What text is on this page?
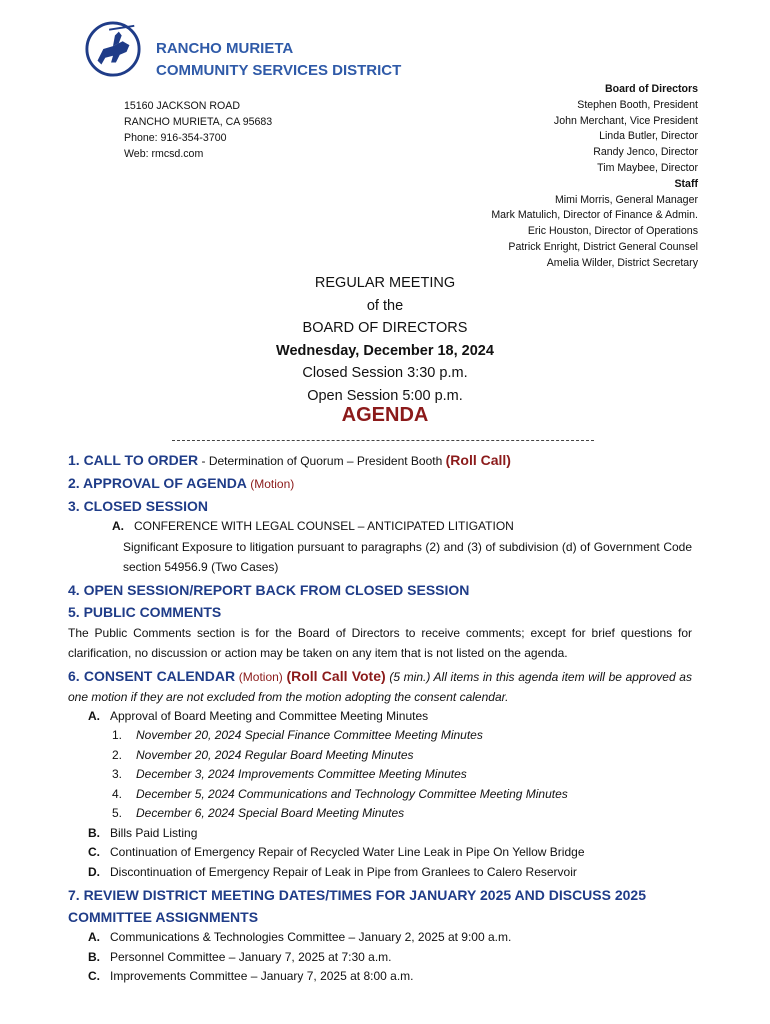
RANCHO MURIETA
COMMUNITY SERVICES DISTRICT
15160 JACKSON ROAD
RANCHO MURIETA, CA 95683
Phone: 916-354-3700
Web: rmcsd.com
Board of Directors
Stephen Booth, President
John Merchant, Vice President
Linda Butler, Director
Randy Jenco, Director
Tim Maybee, Director
Staff
Mimi Morris, General Manager
Mark Matulich, Director of Finance & Admin.
Eric Houston, Director of Operations
Patrick Enright, District General Counsel
Amelia Wilder, District Secretary
REGULAR MEETING
of the
BOARD OF DIRECTORS
Wednesday, December 18, 2024
Closed Session 3:30 p.m.
Open Session 5:00 p.m.
AGENDA
1. CALL TO ORDER - Determination of Quorum – President Booth (Roll Call)
2. APPROVAL OF AGENDA (Motion)
3. CLOSED SESSION
A. CONFERENCE WITH LEGAL COUNSEL – ANTICIPATED LITIGATION
Significant Exposure to litigation pursuant to paragraphs (2) and (3) of subdivision (d) of Government Code section 54956.9 (Two Cases)
4. OPEN SESSION/REPORT BACK FROM CLOSED SESSION
5. PUBLIC COMMENTS
The Public Comments section is for the Board of Directors to receive comments; except for brief questions for clarification, no discussion or action may be taken on any item that is not listed on the agenda.
6. CONSENT CALENDAR (Motion) (Roll Call Vote) (5 min.) All items in this agenda item will be approved as one motion if they are not excluded from the motion adopting the consent calendar.
A. Approval of Board Meeting and Committee Meeting Minutes
1.	November 20, 2024 Special Finance Committee Meeting Minutes
2.	November 20, 2024 Regular Board Meeting Minutes
3.	December 3, 2024 Improvements Committee Meeting Minutes
4.	December 5, 2024 Communications and Technology Committee Meeting Minutes
5.	December 6, 2024 Special Board Meeting Minutes
B. Bills Paid Listing
C. Continuation of Emergency Repair of Recycled Water Line Leak in Pipe On Yellow Bridge
D. Discontinuation of Emergency Repair of Leak in Pipe from Granlees to Calero Reservoir
7. REVIEW DISTRICT MEETING DATES/TIMES FOR JANUARY 2025 AND DISCUSS 2025 COMMITTEE ASSIGNMENTS
A. Communications & Technologies Committee – January 2, 2025 at 9:00 a.m.
B. Personnel Committee – January 7, 2025 at 7:30 a.m.
C. Improvements Committee – January 7, 2025 at 8:00 a.m.
